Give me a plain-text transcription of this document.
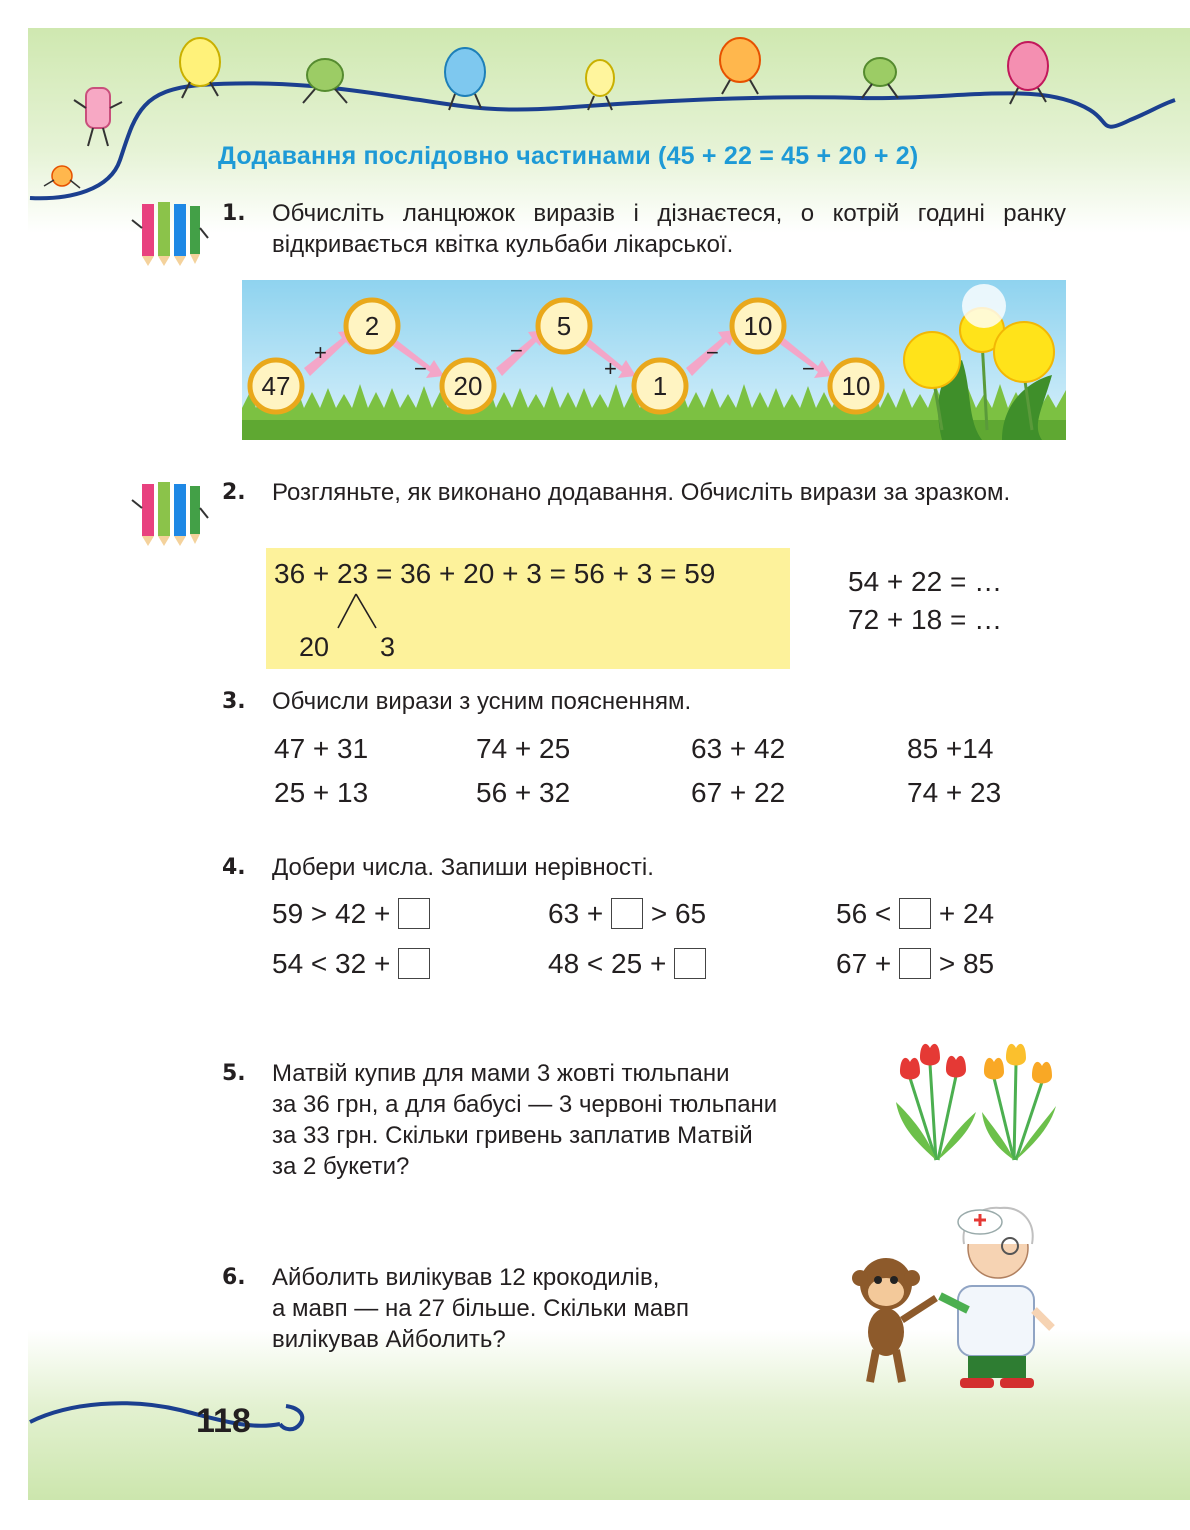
Додавання послідовно частинами (45 + 22 = 45 + 20 + 2)
1. Обчисліть ланцюжок виразів і дізнаєтеся, о котрій годині ранку відкривається квітка кульбаби лікарської.
+
−
−
+
−
−
47
2
20
5
1
10
10
2. Розгляньте, як виконано додавання. Обчисліть вирази за зразком.
36 + 23 = 36 + 20 + 3 = 56 + 3 = 59
20 3
54 + 22 = …
72 + 18 = …
3. Обчисли вирази з усним поясненням.
47 + 31	74 + 25	63 + 42	85 +14
25 + 13	56 + 32	67 + 22	74 + 23
4. Добери числа. Запиши нерівності.
59 > 42 +	63 +  > 65	56 <  + 24
54 < 32 +	48 < 25 +	67 +  > 85
5. Матвій купив для мами 3 жовті тюльпани
за 36 грн, а для бабусі — 3 червоні тюльпани
за 33 грн. Скільки гривень заплатив Матвій
за 2 букети?
6. Айболить вилікував 12 крокодилів,
а мавп — на 27 більше. Скільки мавп
вилікував Айболить?
118
